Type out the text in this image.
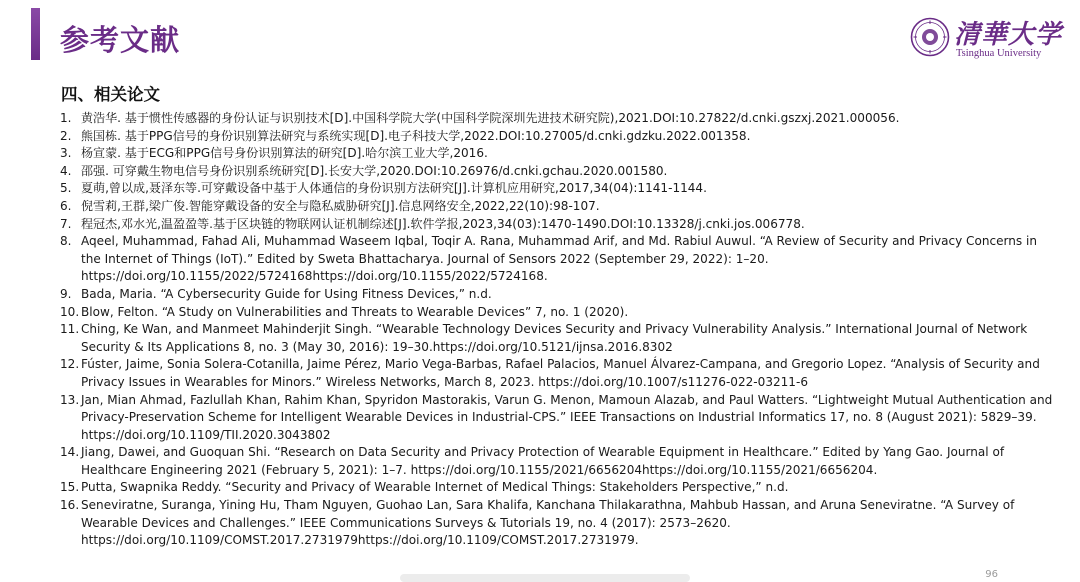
参考文献	清華大学
Tsinghua University
四、相关论文
1. 黄浩华. 基于惯性传感器的身份认证与识别技术[D].中国科学院大学(中国科学院深圳先进技术研究院),2021.DOI:10.27822/d.cnki.gszxj.2021.000056.
2. 熊国栋. 基于PPG信号的身份识别算法研究与系统实现[D].电子科技大学,2022.DOI:10.27005/d.cnki.gdzku.2022.001358.
3. 杨宣蒙. 基于ECG和PPG信号身份识别算法的研究[D].哈尔滨工业大学,2016.
4. 邵强. 可穿戴生物电信号身份识别系统研究[D].长安大学,2020.DOI:10.26976/d.cnki.gchau.2020.001580.
5. 夏萌,曾以成,聂泽东等.可穿戴设备中基于人体通信的身份识别方法研究[J].计算机应用研究,2017,34(04):1141-1144.
6. 倪雪莉,王群,梁广俊.智能穿戴设备的安全与隐私威胁研究[J].信息网络安全,2022,22(10):98-107.
7. 程冠杰,邓水光,温盈盈等.基于区块链的物联网认证机制综述[J].软件学报,2023,34(03):1470-1490.DOI:10.13328/j.cnki.jos.006778.
8. Aqeel, Muhammad, Fahad Ali, Muhammad Waseem Iqbal, Toqir A. Rana, Muhammad Arif, and Md. Rabiul Auwul. “A Review of Security and Privacy Concerns in the Internet of Things (IoT).” Edited by Sweta Bhattacharya. Journal of Sensors 2022 (September 29, 2022): 1–20. https://doi.org/10.1155/2022/5724168https://doi.org/10.1155/2022/5724168.
9. Bada, Maria. “A Cybersecurity Guide for Using Fitness Devices,” n.d.
10. Blow, Felton. “A Study on Vulnerabilities and Threats to Wearable Devices” 7, no. 1 (2020).
11. Ching, Ke Wan, and Manmeet Mahinderjit Singh. “Wearable Technology Devices Security and Privacy Vulnerability Analysis.” International Journal of Network Security & Its Applications 8, no. 3 (May 30, 2016): 19–30.https://doi.org/10.5121/ijnsa.2016.8302
12. Fúster, Jaime, Sonia Solera-Cotanilla, Jaime Pérez, Mario Vega-Barbas, Rafael Palacios, Manuel Álvarez-Campana, and Gregorio Lopez. “Analysis of Security and Privacy Issues in Wearables for Minors.” Wireless Networks, March 8, 2023. https://doi.org/10.1007/s11276-022-03211-6
13. Jan, Mian Ahmad, Fazlullah Khan, Rahim Khan, Spyridon Mastorakis, Varun G. Menon, Mamoun Alazab, and Paul Watters. “Lightweight Mutual Authentication and Privacy-Preservation Scheme for Intelligent Wearable Devices in Industrial-CPS.” IEEE Transactions on Industrial Informatics 17, no. 8 (August 2021): 5829–39. https://doi.org/10.1109/TII.2020.3043802
14. Jiang, Dawei, and Guoquan Shi. “Research on Data Security and Privacy Protection of Wearable Equipment in Healthcare.” Edited by Yang Gao. Journal of Healthcare Engineering 2021 (February 5, 2021): 1–7. https://doi.org/10.1155/2021/6656204https://doi.org/10.1155/2021/6656204.
15. Putta, Swapnika Reddy. “Security and Privacy of Wearable Internet of Medical Things: Stakeholders Perspective,” n.d.
16. Seneviratne, Suranga, Yining Hu, Tham Nguyen, Guohao Lan, Sara Khalifa, Kanchana Thilakarathna, Mahbub Hassan, and Aruna Seneviratne. “A Survey of Wearable Devices and Challenges.” IEEE Communications Surveys & Tutorials 19, no. 4 (2017): 2573–2620. https://doi.org/10.1109/COMST.2017.2731979https://doi.org/10.1109/COMST.2017.2731979.
96
